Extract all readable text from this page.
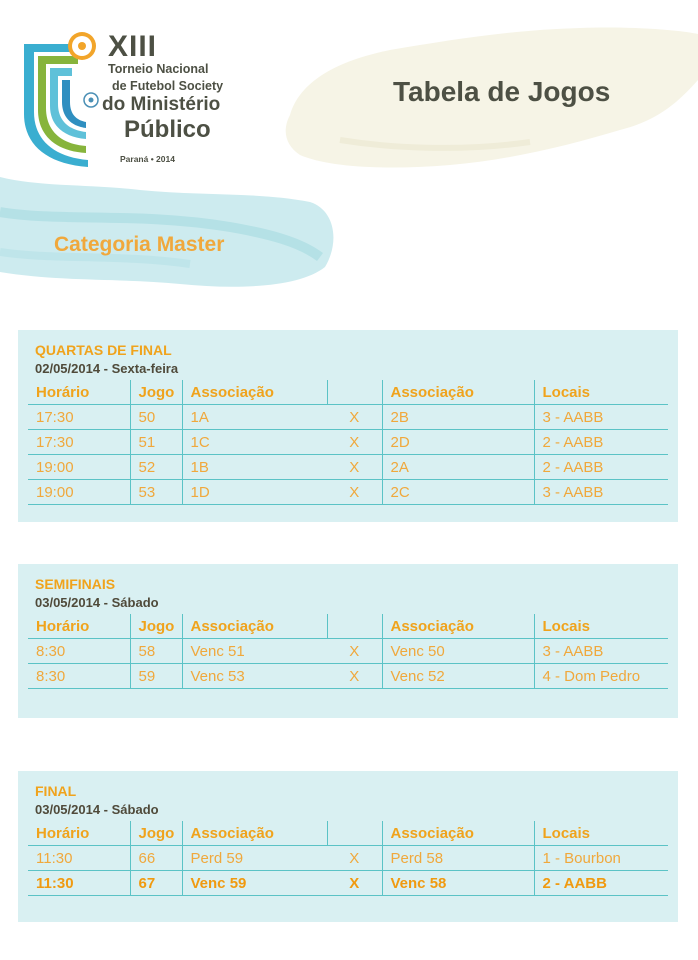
XIII
Torneio Nacional
de Futebol Society
do Ministério
Público
Paraná • 2014
Tabela de Jogos
Categoria Master
QUARTAS DE FINAL
02/05/2014 - Sexta-feira
Horário	Jogo	Associação		Associação	Locais
17:30	50	1A	X	2B	3 - AABB
17:30	51	1C	X	2D	2 - AABB
19:00	52	1B	X	2A	2 - AABB
19:00	53	1D	X	2C	3 - AABB
SEMIFINAIS
03/05/2014 - Sábado
Horário	Jogo	Associação		Associação	Locais
8:30	58	Venc 51	X	Venc 50	3 - AABB
8:30	59	Venc 53	X	Venc 52	4 - Dom Pedro
FINAL
03/05/2014 - Sábado
Horário	Jogo	Associação		Associação	Locais
11:30	66	Perd 59	X	Perd 58	1 - Bourbon
11:30	67	Venc 59	X	Venc 58	2 - AABB
